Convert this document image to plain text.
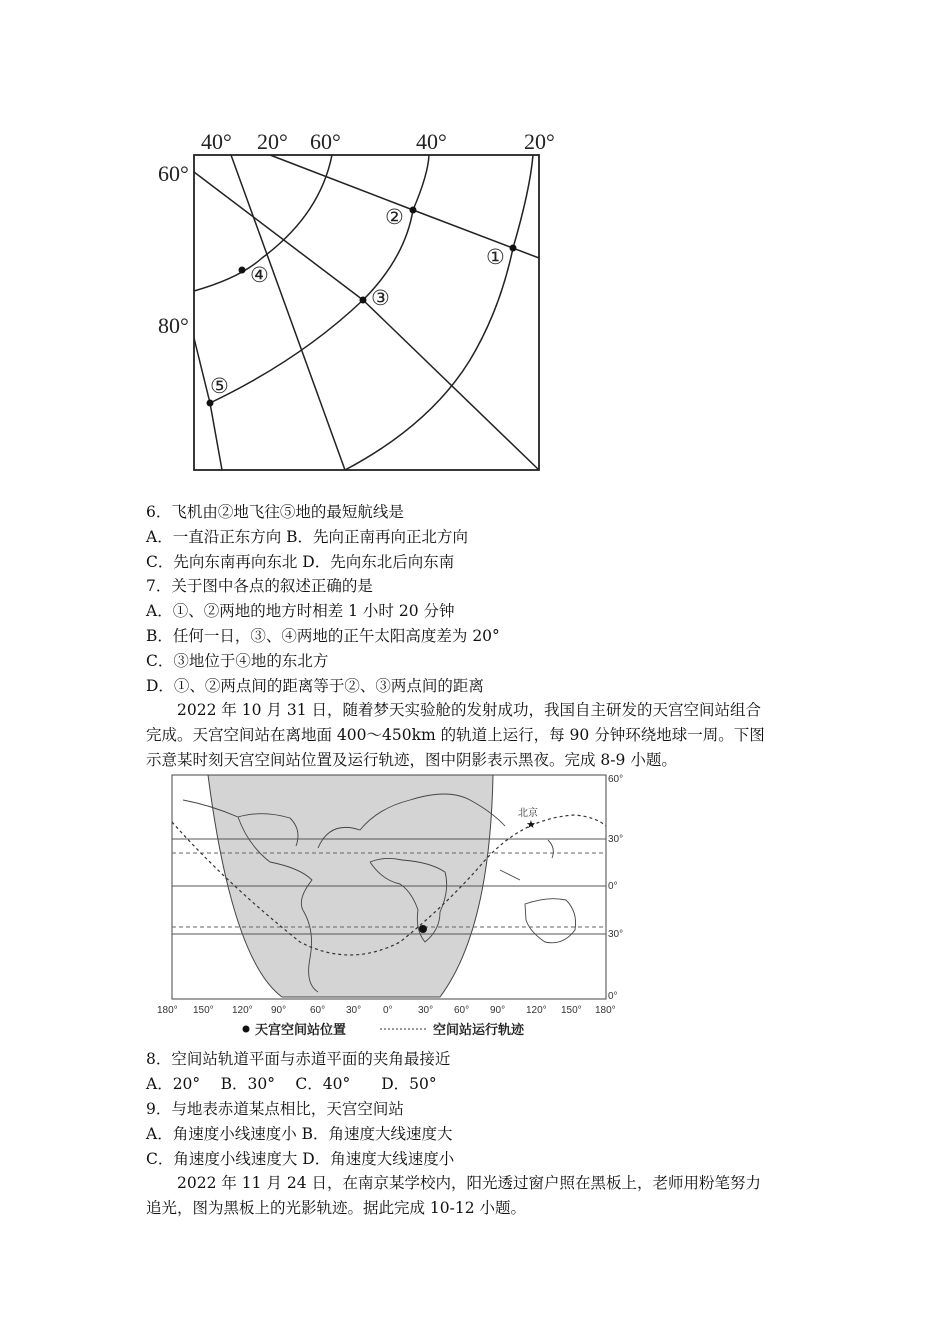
40° 20° 60°	40°	20°
60°
80°
②
①
④
③
⑤
6．飞机由②地飞往⑤地的最短航线是
A．一直沿正东方向 B．先向正南再向正北方向
C．先向东南再向东北 D．先向东北后向东南
7．关于图中各点的叙述正确的是
A．①、②两地的地方时相差 1 小时 20 分钟
B．任何一日，③、④两地的正午太阳高度差为 20°
C．③地位于④地的东北方
D．①、②两点间的距离等于②、③两点间的距离

2022 年 10 月 31 日，随着梦天实验舱的发射成功，我国自主研发的天宫空间站组合

完成。天宫空间站在离地面 400～450km 的轨道上运行，每 90 分钟环绕地球一周。下图

示意某时刻天宫空间站位置及运行轨迹，图中阴影表示黑夜。完成 8-9 小题。

★
北京
60°
30°
0°
30°
0°
180° 150° 120° 90° 60° 30° 0°	30° 60° 90° 120° 150° 180°
天宫空间站位置	空间站运行轨迹
8．空间站轨道平面与赤道平面的夹角最接近
A．20°　 B．30°　 C．40°　　D．50°
9．与地表赤道某点相比，天宫空间站
A．角速度小线速度小 B．角速度大线速度大
C．角速度小线速度大 D．角速度大线速度小

2022 年 11 月 24 日，在南京某学校内，阳光透过窗户照在黑板上，老师用粉笔努力

追光，图为黑板上的光影轨迹。据此完成 10-12 小题。
